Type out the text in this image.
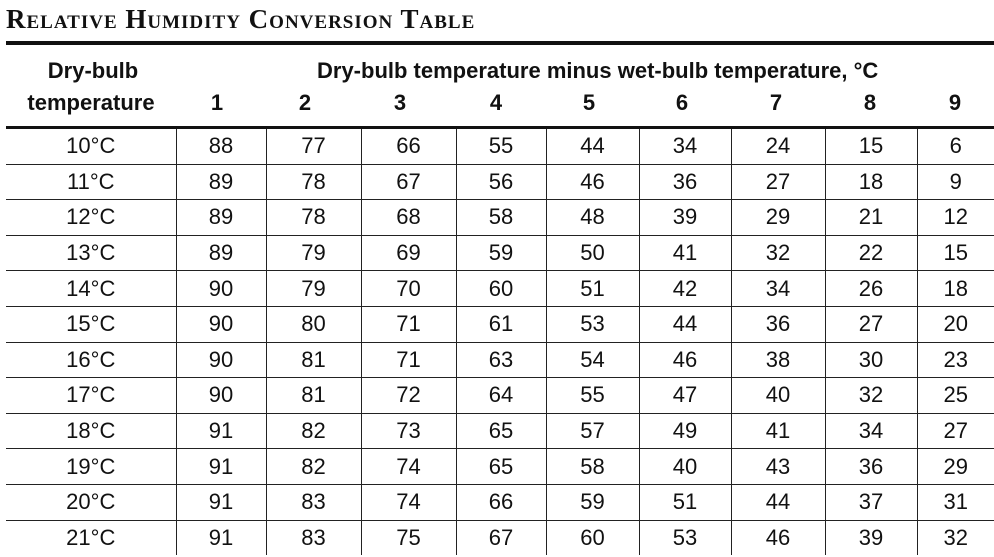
Relative Humidity Conversion Table
Dry-bulb temperature minus wet-bulb temperature, °C
Dry-bulb
temperature	1	2	3	4	5	6	7	8	9
10°C	88	77	66	55	44	34	24	15	6
11°C	89	78	67	56	46	36	27	18	9
12°C	89	78	68	58	48	39	29	21	12
13°C	89	79	69	59	50	41	32	22	15
14°C	90	79	70	60	51	42	34	26	18
15°C	90	80	71	61	53	44	36	27	20
16°C	90	81	71	63	54	46	38	30	23
17°C	90	81	72	64	55	47	40	32	25
18°C	91	82	73	65	57	49	41	34	27
19°C	91	82	74	65	58	40	43	36	29
20°C	91	83	74	66	59	51	44	37	31
21°C	91	83	75	67	60	53	46	39	32
